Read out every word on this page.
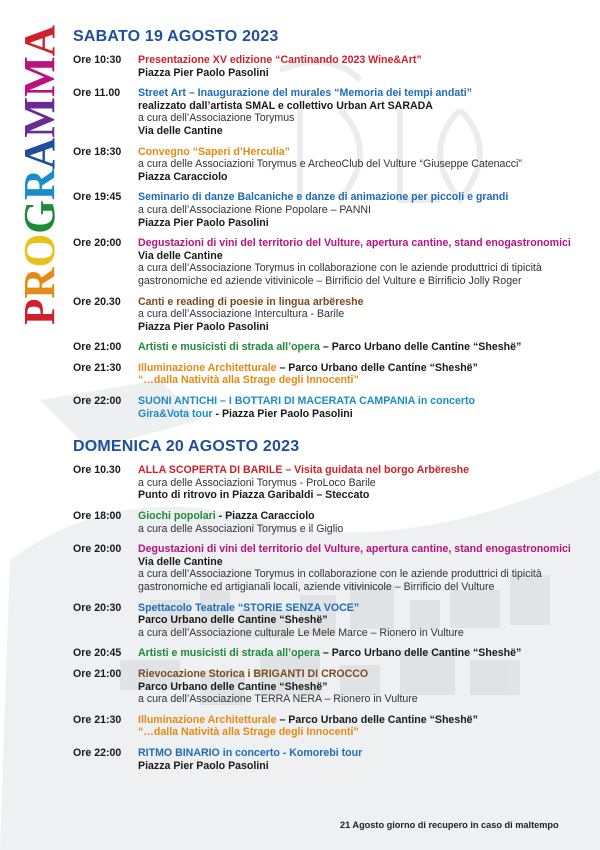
PROGRAMMA SABATO 19 AGOSTO 2023
Ore 10:30	Presentazione XV edizione “Cantinando 2023 Wine&Art”
Piazza Pier Paolo Pasolini
Ore 11.00	Street Art – Inaugurazione del murales “Memoria dei tempi andati”
realizzato dall’artista SMAL e collettivo Urban Art SARADA
a cura dell’Associazione Torymus
Via delle Cantine
Ore 18:30	Convegno “Saperi d’Herculia”
a cura delle Associazioni Torymus e ArcheoClub del Vulture “Giuseppe Catenacci”
Piazza Caracciolo
Ore 19:45	Seminario di danze Balcaniche e danze di animazione per piccoli e grandi
a cura dell’Associazione Rione Popolare – PANNI
Piazza Pier Paolo Pasolini
Ore 20:00	Degustazioni di vini del territorio del Vulture, apertura cantine, stand enogastronomici
Via delle Cantine
a cura dell’Associazione Torymus in collaborazione con le aziende produttrici di tipicità
gastronomiche ed aziende vitivinicole – Birrificio del Vulture e Birrificio Jolly Roger
Ore 20.30	Canti e reading di poesie in lingua arbëreshe
a cura dell’Associazione Intercultura - Barile
Piazza Pier Paolo Pasolini
Ore 21:00	Artisti e musicisti di strada all’opera – Parco Urbano delle Cantine “Sheshë”
Ore 21:30	Illuminazione Architetturale – Parco Urbano delle Cantine “Sheshë”
“…dalla Natività alla Strage degli Innocenti”
Ore 22:00	SUONI ANTICHI – I BOTTARI DI MACERATA CAMPANIA in concerto
Gira&Vota tour - Piazza Pier Paolo Pasolini
DOMENICA 20 AGOSTO 2023
Ore 10.30	ALLA SCOPERTA DI BARILE – Visita guidata nel borgo Arbëreshe
a cura delle Associazioni Torymus - ProLoco Barile
Punto di ritrovo in Piazza Garibaldi – Steccato
Ore 18:00	Giochi popolari - Piazza Caracciolo
a cura delle Associazioni Torymus e il Giglio
Ore 20:00	Degustazioni di vini del territorio del Vulture, apertura cantine, stand enogastronomici
Via delle Cantine
a cura dell’Associazione Torymus in collaborazione con le aziende produttrici di tipicità
gastronomiche ed artigianali locali, aziende vitivinicole – Birrificio del Vulture
Ore 20:30	Spettacolo Teatrale “STORIE SENZA VOCE”
Parco Urbano delle Cantine “Sheshë”
a cura dell’Associazione culturale Le Mele Marce – Rionero in Vulture
Ore 20:45	Artisti e musicisti di strada all’opera – Parco Urbano delle Cantine “Sheshë”
Ore 21:00	Rievocazione Storica i BRIGANTI DI CROCCO
Parco Urbano delle Cantine “Sheshë”
a cura dell’Associazione TERRA NERA – Rionero in Vulture
Ore 21:30	Illuminazione Architetturale – Parco Urbano delle Cantine “Sheshë”
“…dalla Natività alla Strage degli Innocenti”
Ore 22:00	RITMO BINARIO in concerto - Komorebi tour
Piazza Pier Paolo Pasolini
21 Agosto giorno di recupero in caso di maltempo
